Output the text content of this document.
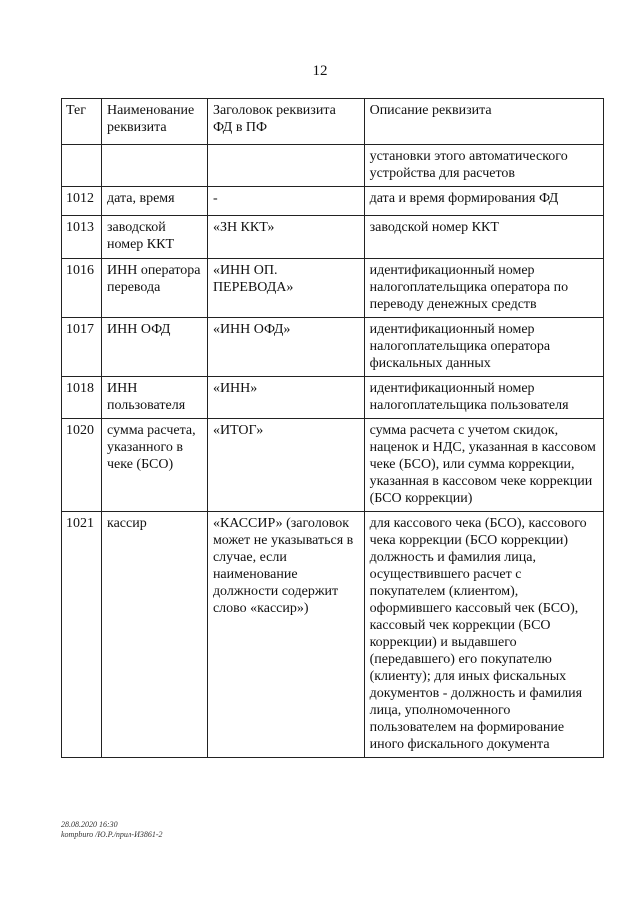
12
Тег	Наименование реквизита	Заголовок реквизита ФД в ПФ	Описание реквизита
			установки этого автоматического устройства для расчетов
1012	дата, время	-	дата и время формирования ФД
1013	заводской номер ККТ	«ЗН ККТ»	заводской номер ККТ
1016	ИНН оператора перевода	«ИНН ОП. ПЕРЕВОДА»	идентификационный номер налогоплательщика оператора по переводу денежных средств
1017	ИНН ОФД	«ИНН ОФД»	идентификационный номер налогоплательщика оператора фискальных данных
1018	ИНН пользователя	«ИНН»	идентификационный номер налогоплательщика пользователя
1020	сумма расчета, указанного в чеке (БСО)	«ИТОГ»	сумма расчета с учетом скидок, наценок и НДС, указанная в кассовом чеке (БСО), или сумма коррекции, указанная в кассовом чеке коррекции (БСО коррекции)
1021	кассир	«КАССИР» (заголовок может не указываться в случае, если наименование должности содержит слово «кассир»)	для кассового чека (БСО), кассового чека коррекции (БСО коррекции) должность и фамилия лица, осуществившего расчет с покупателем (клиентом), оформившего кассовый чек (БСО), кассовый чек коррекции (БСО коррекции) и выдавшего (передавшего) его покупателю (клиенту); для иных фискальных документов - должность и фамилия лица, уполномоченного пользователем на формирование иного фискального документа
28.08.2020 16:30
kompburo /Ю.Р./прил-И3861-2
